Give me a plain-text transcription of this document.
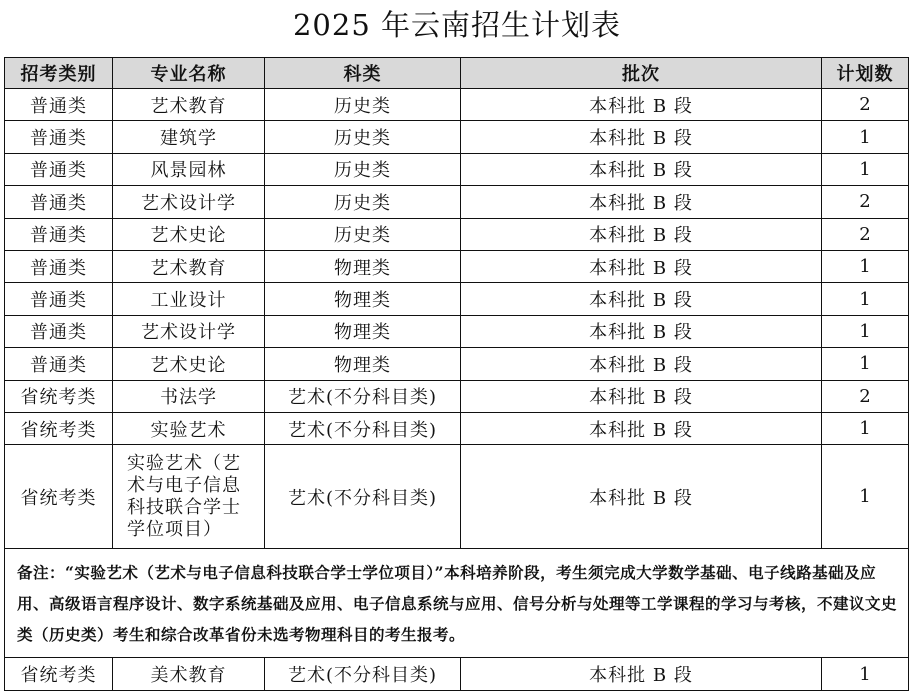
2025 年云南招生计划表
招考类别	专业名称	科类	批次	计划数
普通类	艺术教育	历史类	本科批 B 段	2
普通类	建筑学	历史类	本科批 B 段	1
普通类	风景园林	历史类	本科批 B 段	1
普通类	艺术设计学	历史类	本科批 B 段	2
普通类	艺术史论	历史类	本科批 B 段	2
普通类	艺术教育	物理类	本科批 B 段	1
普通类	工业设计	物理类	本科批 B 段	1
普通类	艺术设计学	物理类	本科批 B 段	1
普通类	艺术史论	物理类	本科批 B 段	1
省统考类	书法学	艺术(不分科目类)	本科批 B 段	2
省统考类	实验艺术	艺术(不分科目类)	本科批 B 段	1
省统考类	实验艺术（艺术与电子信息科技联合学士学位项目）	艺术(不分科目类)	本科批 B 段	1
备注：“实验艺术（艺术与电子信息科技联合学士学位项目）”本科培养阶段，考生须完成大学数学基础、电子线路基础及应用、高级语言程序设计、数字系统基础及应用、电子信息系统与应用、信号分析与处理等工学课程的学习与考核，不建议文史类（历史类）考生和综合改革省份未选考物理科目的考生报考。				
省统考类	美术教育	艺术(不分科目类)	本科批 B 段	1
